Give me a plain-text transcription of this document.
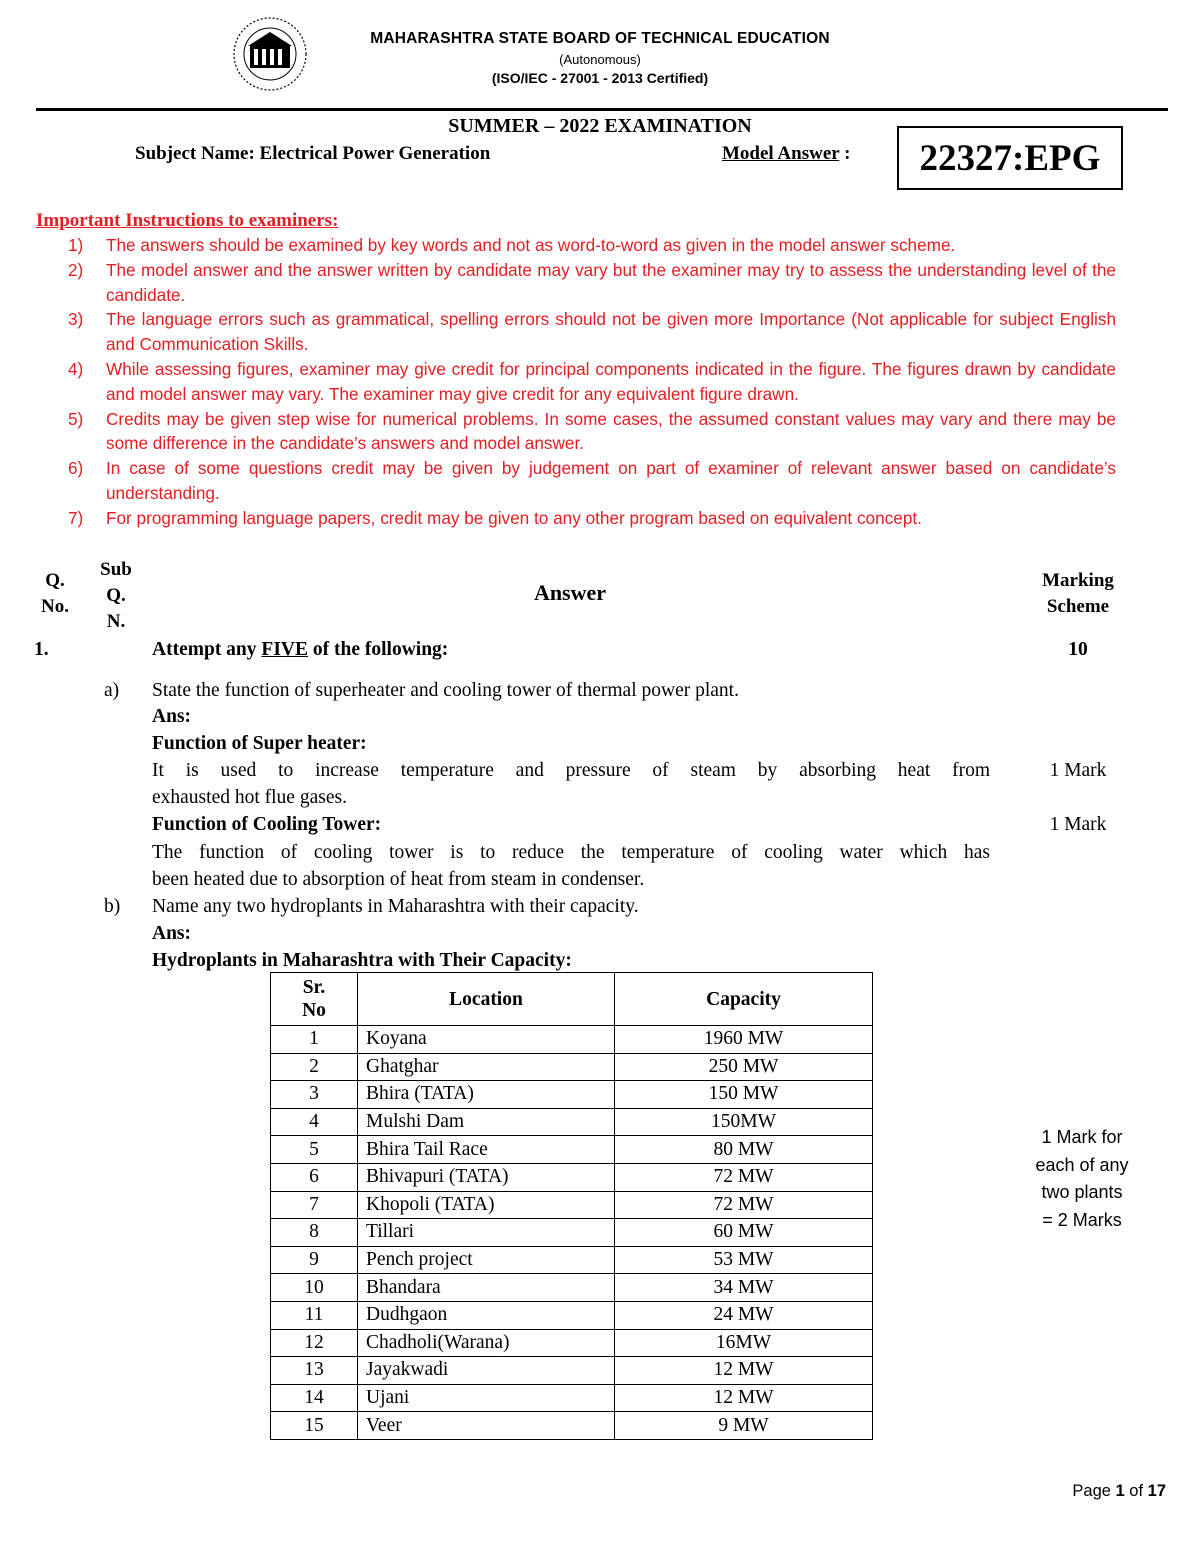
MAHARASHTRA STATE BOARD OF TECHNICAL EDUCATION
(Autonomous)
(ISO/IEC - 27001 - 2013 Certified)
SUMMER – 2022 EXAMINATION
Subject Name: Electrical Power Generation	Model Answer :	22327:EPG
Important Instructions to examiners:
1) The answers should be examined by key words and not as word-to-word as given in the model answer scheme.
2) The model answer and the answer written by candidate may vary but the examiner may try to assess the understanding level of the candidate.
3) The language errors such as grammatical, spelling errors should not be given more Importance (Not applicable for subject English and Communication Skills.
4) While assessing figures, examiner may give credit for principal components indicated in the figure. The figures drawn by candidate and model answer may vary. The examiner may give credit for any equivalent figure drawn.
5) Credits may be given step wise for numerical problems. In some cases, the assumed constant values may vary and there may be some difference in the candidate’s answers and model answer.
6) In case of some questions credit may be given by judgement on part of examiner of relevant answer based on candidate’s understanding.
7) For programming language papers, credit may be given to any other program based on equivalent concept.
Q.
No.
Sub
Q.
N.
Answer	Marking
Scheme
1.	Attempt any FIVE of the following:	10
a) State the function of superheater and cooling tower of thermal power plant.
Ans:
Function of Super heater:
It is used to increase temperature and pressure of steam by absorbing heat from
exhausted hot flue gases.
1 Mark
Function of Cooling Tower:	1 Mark
The function of cooling tower is to reduce the temperature of cooling water which has
been heated due to absorption of heat from steam in condenser.
b) Name any two hydroplants in Maharashtra with their capacity.
Ans:
Hydroplants in Maharashtra with Their Capacity:
Sr.
No	Location	Capacity
1	Koyana	1960 MW
2	Ghatghar	250 MW
3	Bhira (TATA)	150 MW
4	Mulshi Dam	150MW
5	Bhira Tail Race	80 MW
6	Bhivapuri (TATA)	72 MW
7	Khopoli (TATA)	72 MW
8	Tillari	60 MW
9	Pench project	53 MW
10	Bhandara	34 MW
11	Dudhgaon	24 MW
12	Chadholi(Warana)	16MW
13	Jayakwadi	12 MW
14	Ujani	12 MW
15	Veer	9 MW
1 Mark for
each of any
two plants
= 2 Marks
Page 1 of 17
